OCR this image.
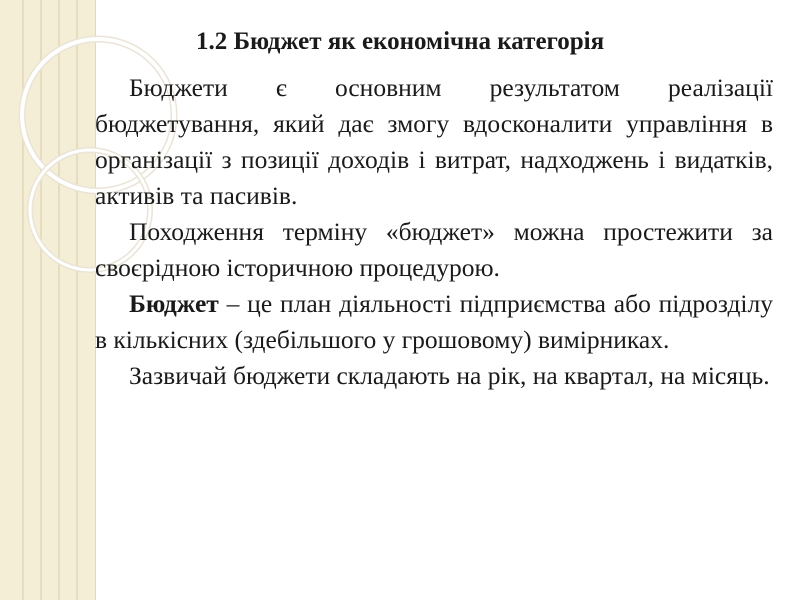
1.2 Бюджет як економічна категорія

Бюджети є основним результатом реалізації бюджетування, який дає змогу вдосконалити управління в організації з позиції доходів і витрат, надходжень і видатків, активів та пасивів.

Походження терміну «бюджет» можна простежити за своєрідною історичною процедурою.

Бюджет – це план діяльності підприємства або підрозділу в кількісних (здебільшого у грошовому) вимірниках.

Зазвичай бюджети складають на рік, на квартал, на місяць.
